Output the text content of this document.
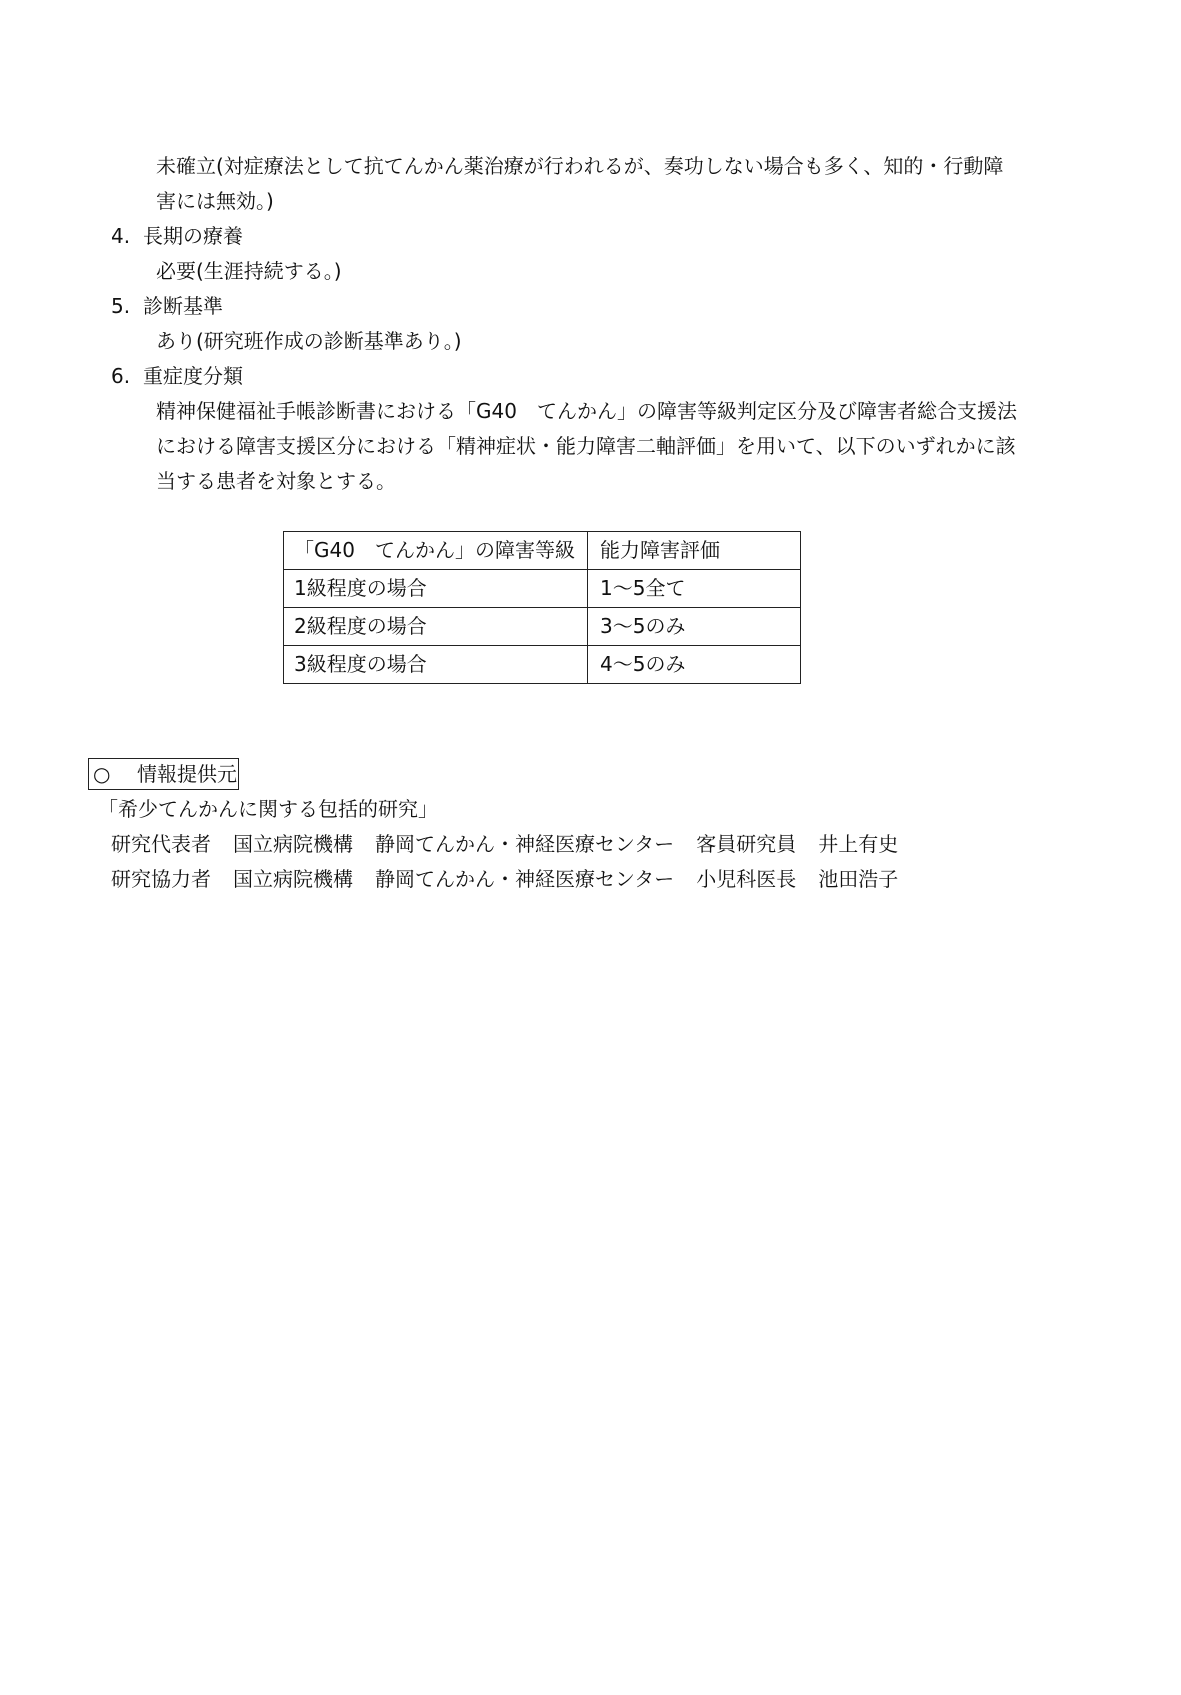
未確立(対症療法として抗てんかん薬治療が行われるが、奏功しない場合も多く、知的・行動障
害には無効。)
4. 長期の療養
必要(生涯持続する。)
5. 診断基準
あり(研究班作成の診断基準あり。)
6. 重症度分類
精神保健福祉手帳診断書における「G40　てんかん」の障害等級判定区分及び障害者総合支援法
における障害支援区分における「精神症状・能力障害二軸評価」を用いて、以下のいずれかに該
当する患者を対象とする。
「G40　てんかん」の障害等級	能力障害評価
1級程度の場合	1〜5全て
2級程度の場合	3〜5のみ
3級程度の場合	4〜5のみ
○ 情報提供元
「希少てんかんに関する包括的研究」
研究代表者 国立病院機構 静岡てんかん・神経医療センター 客員研究員 井上有史
研究協力者 国立病院機構 静岡てんかん・神経医療センター 小児科医長 池田浩子
